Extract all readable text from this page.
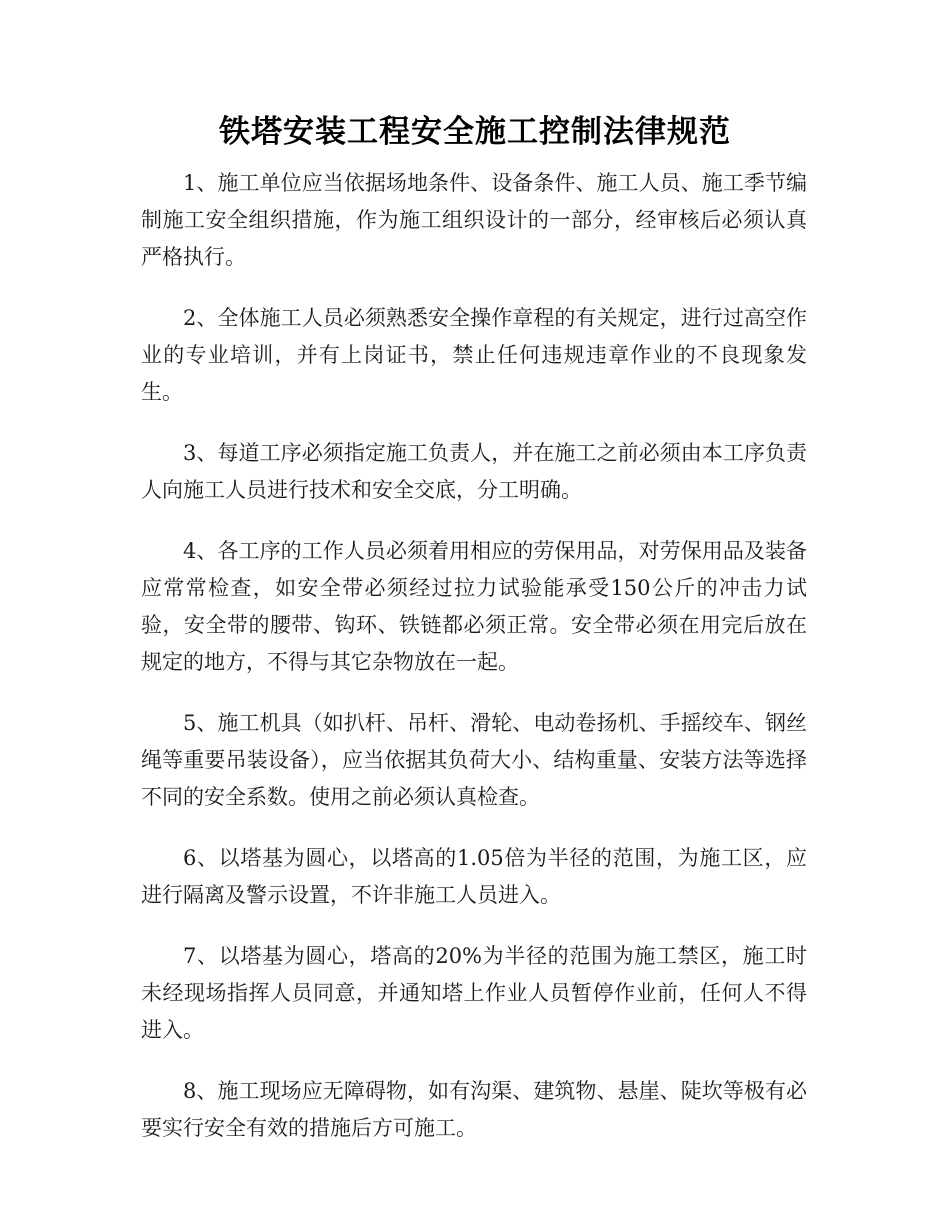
铁塔安装工程安全施工控制法律规范

1、施工单位应当依据场地条件、设备条件、施工人员、施工季节编制施工安全组织措施，作为施工组织设计的一部分，经审核后必须认真严格执行。

2、全体施工人员必须熟悉安全操作章程的有关规定，进行过高空作业的专业培训，并有上岗证书，禁止任何违规违章作业的不良现象发生。

3、每道工序必须指定施工负责人，并在施工之前必须由本工序负责人向施工人员进行技术和安全交底，分工明确。

4、各工序的工作人员必须着用相应的劳保用品，对劳保用品及装备应常常检查，如安全带必须经过拉力试验能承受150公斤的冲击力试验，安全带的腰带、钩环、铁链都必须正常。安全带必须在用完后放在规定的地方，不得与其它杂物放在一起。

5、施工机具（如扒杆、吊杆、滑轮、电动卷扬机、手摇绞车、钢丝绳等重要吊装设备），应当依据其负荷大小、结构重量、安装方法等选择不同的安全系数。使用之前必须认真检查。

6、以塔基为圆心，以塔高的1.05倍为半径的范围，为施工区，应进行隔离及警示设置，不许非施工人员进入。

7、以塔基为圆心，塔高的20%为半径的范围为施工禁区，施工时未经现场指挥人员同意，并通知塔上作业人员暂停作业前，任何人不得进入。

8、施工现场应无障碍物，如有沟渠、建筑物、悬崖、陡坎等极有必要实行安全有效的措施后方可施工。
